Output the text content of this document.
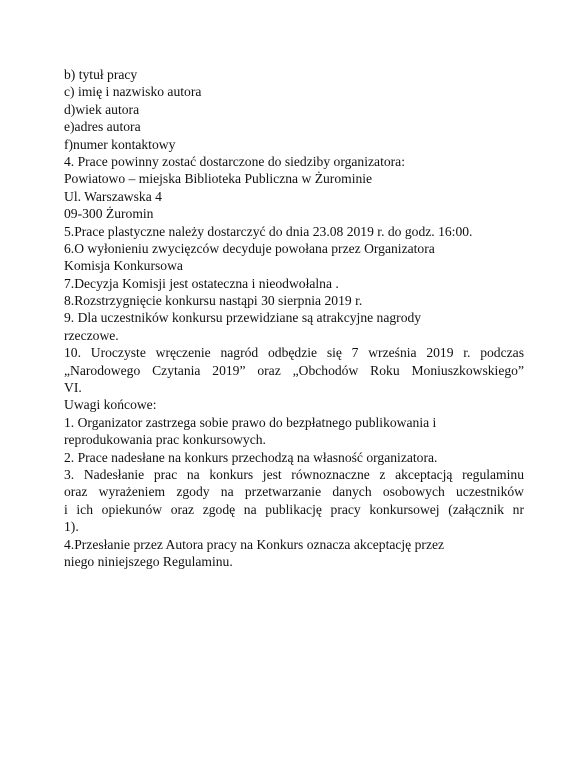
b) tytuł pracy
c) imię i nazwisko autora
d)wiek autora
e)adres autora
f)numer kontaktowy
4. Prace powinny zostać dostarczone do siedziby organizatora:
Powiatowo – miejska Biblioteka Publiczna w Żurominie
Ul. Warszawska 4
09-300 Żuromin
5.Prace plastyczne należy dostarczyć do dnia 23.08 2019 r. do godz. 16:00.
6.O wyłonieniu zwycięzców decyduje powołana przez Organizatora
Komisja Konkursowa
7.Decyzja Komisji jest ostateczna i nieodwołalna .
8.Rozstrzygnięcie konkursu nastąpi 30 sierpnia 2019 r.
9. Dla uczestników konkursu przewidziane są atrakcyjne nagrody
rzeczowe.
10. Uroczyste wręczenie nagród odbędzie się 7 września 2019 r. podczas
„Narodowego Czytania 2019” oraz „Obchodów Roku Moniuszkowskiego”
VI.
Uwagi końcowe:
1. Organizator zastrzega sobie prawo do bezpłatnego publikowania i
reprodukowania prac konkursowych.
2. Prace nadesłane na konkurs przechodzą na własność organizatora.
3. Nadesłanie prac na konkurs jest równoznaczne z akceptacją regulaminu
oraz wyrażeniem zgody na przetwarzanie danych osobowych uczestników
i ich opiekunów oraz zgodę na publikację pracy konkursowej (załącznik nr
1).
4.Przesłanie przez Autora pracy na Konkurs oznacza akceptację przez
niego niniejszego Regulaminu.
